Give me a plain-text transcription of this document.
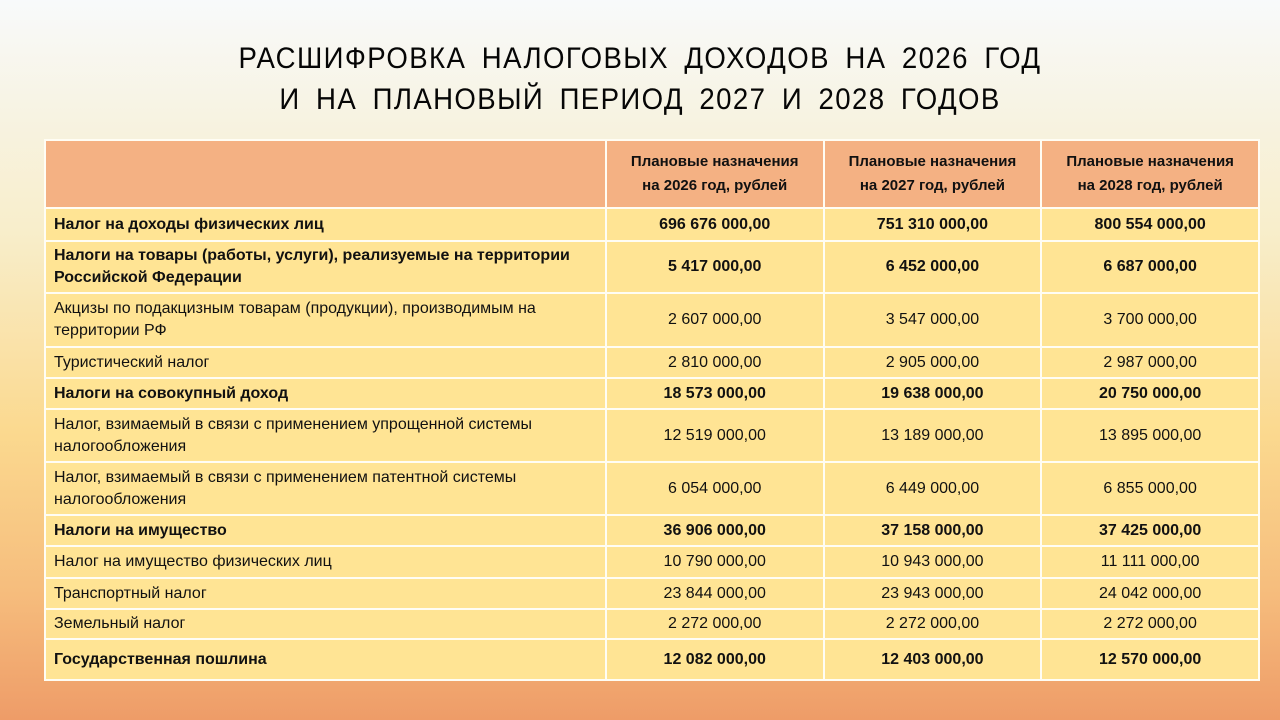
РАСШИФРОВКА НАЛОГОВЫХ ДОХОДОВ НА 2026 ГОД
И НА ПЛАНОВЫЙ ПЕРИОД 2027 И 2028 ГОДОВ
	Плановые назначения на 2026 год, рублей	Плановые назначения на 2027 год, рублей	Плановые назначения на 2028 год, рублей
Налог на доходы физических лиц	696 676 000,00	751 310 000,00	800 554 000,00
Налоги на товары (работы, услуги), реализуемые на территории Российской Федерации	5 417 000,00	6 452 000,00	6 687 000,00
Акцизы по подакцизным товарам (продукции), производимым на территории РФ	2 607 000,00	3 547 000,00	3 700 000,00
Туристический налог	2 810 000,00	2 905 000,00	2 987 000,00
Налоги на совокупный доход	18 573 000,00	19 638 000,00	20 750 000,00
Налог, взимаемый в связи с применением упрощенной системы налогообложения	12 519 000,00	13 189 000,00	13 895 000,00
Налог, взимаемый в связи с применением патентной системы налогообложения	6 054 000,00	6 449 000,00	6 855 000,00
Налоги на имущество	36 906 000,00	37 158 000,00	37 425 000,00
Налог на имущество физических лиц	10 790 000,00	10 943 000,00	11 111 000,00
Транспортный налог	23 844 000,00	23 943 000,00	24 042 000,00
Земельный налог	2 272 000,00	2 272 000,00	2 272 000,00
Государственная пошлина	12 082 000,00	12 403 000,00	12 570 000,00
